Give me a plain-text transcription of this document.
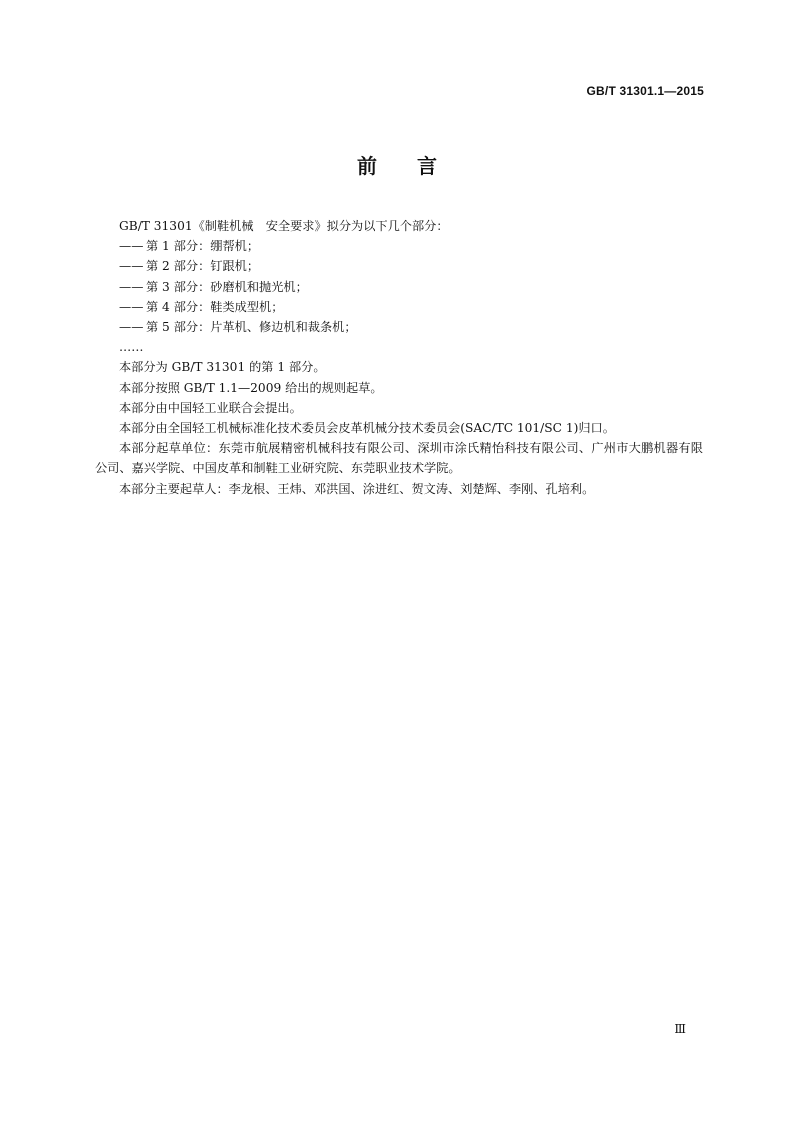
GB/T 31301.1—2015
前言

GB/T 31301《制鞋机械　安全要求》拟分为以下几个部分：

—— 第 1 部分：绷帮机；

—— 第 2 部分：钉跟机；

—— 第 3 部分：砂磨机和抛光机；

—— 第 4 部分：鞋类成型机；

—— 第 5 部分：片革机、修边机和裁条机；

……

本部分为 GB/T 31301 的第 1 部分。

本部分按照 GB/T 1.1—2009 给出的规则起草。

本部分由中国轻工业联合会提出。

本部分由全国轻工机械标准化技术委员会皮革机械分技术委员会(SAC/TC 101/SC 1)归口。

本部分起草单位：东莞市航展精密机械科技有限公司、深圳市涂氏精怡科技有限公司、广州市大鹏机器有限公司、嘉兴学院、中国皮革和制鞋工业研究院、东莞职业技术学院。

本部分主要起草人：李龙根、王炜、邓洪国、涂进红、贺文涛、刘楚辉、李刚、孔培利。

Ⅲ
